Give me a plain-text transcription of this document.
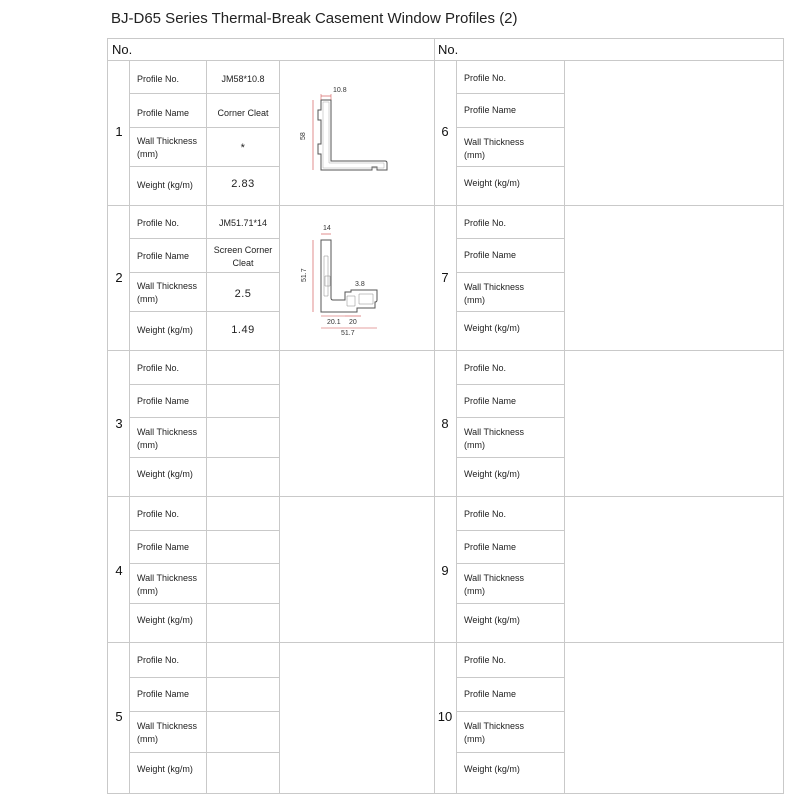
BJ-D65 Series Thermal-Break Casement Window Profiles (2)
No.	No.
1
Profile No.
Profile Name
Wall Thickness
(mm)
Weight (kg/m)
JM58*10.8
Corner Cleat
*
2.83
10.8
58
2
Profile No.
Profile Name
Wall Thickness
(mm)
Weight (kg/m)
JM51.71*14
Screen Corner
Cleat
2.5
1.49
14
51.7
3.8
20.1 20
51.7
3
4
5
6
7
8
9
10
Profile No.
Profile Name
Wall Thickness
(mm)
Weight (kg/m)
Profile No.
Profile Name
Wall Thickness
(mm)
Weight (kg/m)
Profile No.
Profile Name
Wall Thickness
(mm)
Weight (kg/m)
Profile No.
Profile Name
Wall Thickness
(mm)
Weight (kg/m)
Profile No.
Profile Name
Wall Thickness
(mm)
Weight (kg/m)
Profile No.
Profile Name
Wall Thickness
(mm)
Weight (kg/m)
Profile No.
Profile Name
Wall Thickness
(mm)
Weight (kg/m)
Profile No.
Profile Name
Wall Thickness
(mm)
Weight (kg/m)
